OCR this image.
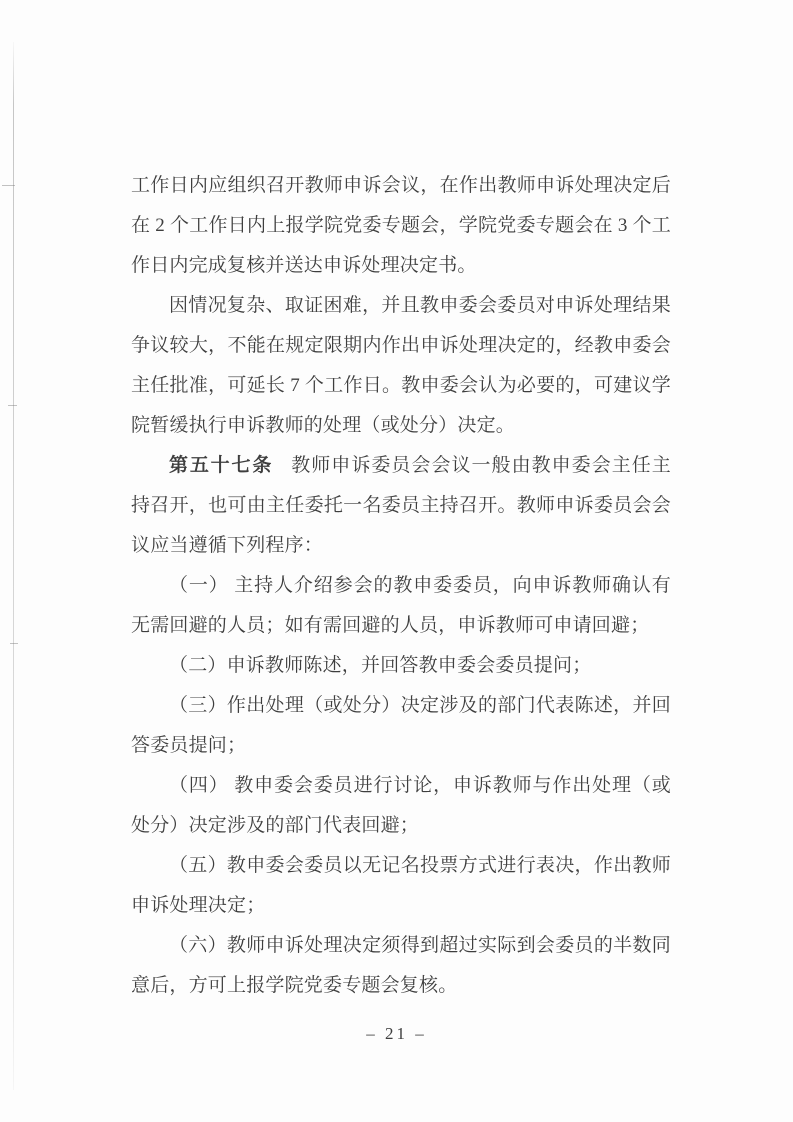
工作日内应组织召开教师申诉会议，在作出教师申诉处理决定后在 2 个工作日内上报学院党委专题会，学院党委专题会在 3 个工作日内完成复核并送达申诉处理决定书。

因情况复杂、取证困难，并且教申委会委员对申诉处理结果争议较大，不能在规定限期内作出申诉处理决定的，经教申委会主任批准，可延长 7 个工作日。教申委会认为必要的，可建议学院暂缓执行申诉教师的处理（或处分）决定。

第五十七条 教师申诉委员会会议一般由教申委会主任主持召开，也可由主任委托一名委员主持召开。教师申诉委员会会议应当遵循下列程序：

（一） 主持人介绍参会的教申委委员，向申诉教师确认有无需回避的人员；如有需回避的人员，申诉教师可申请回避；

（二）申诉教师陈述，并回答教申委会委员提问；

（三）作出处理（或处分）决定涉及的部门代表陈述，并回答委员提问；

（四） 教申委会委员进行讨论，申诉教师与作出处理（或处分）决定涉及的部门代表回避；

（五）教申委会委员以无记名投票方式进行表决，作出教师申诉处理决定；

（六）教师申诉处理决定须得到超过实际到会委员的半数同意后，方可上报学院党委专题会复核。

– 21 –
